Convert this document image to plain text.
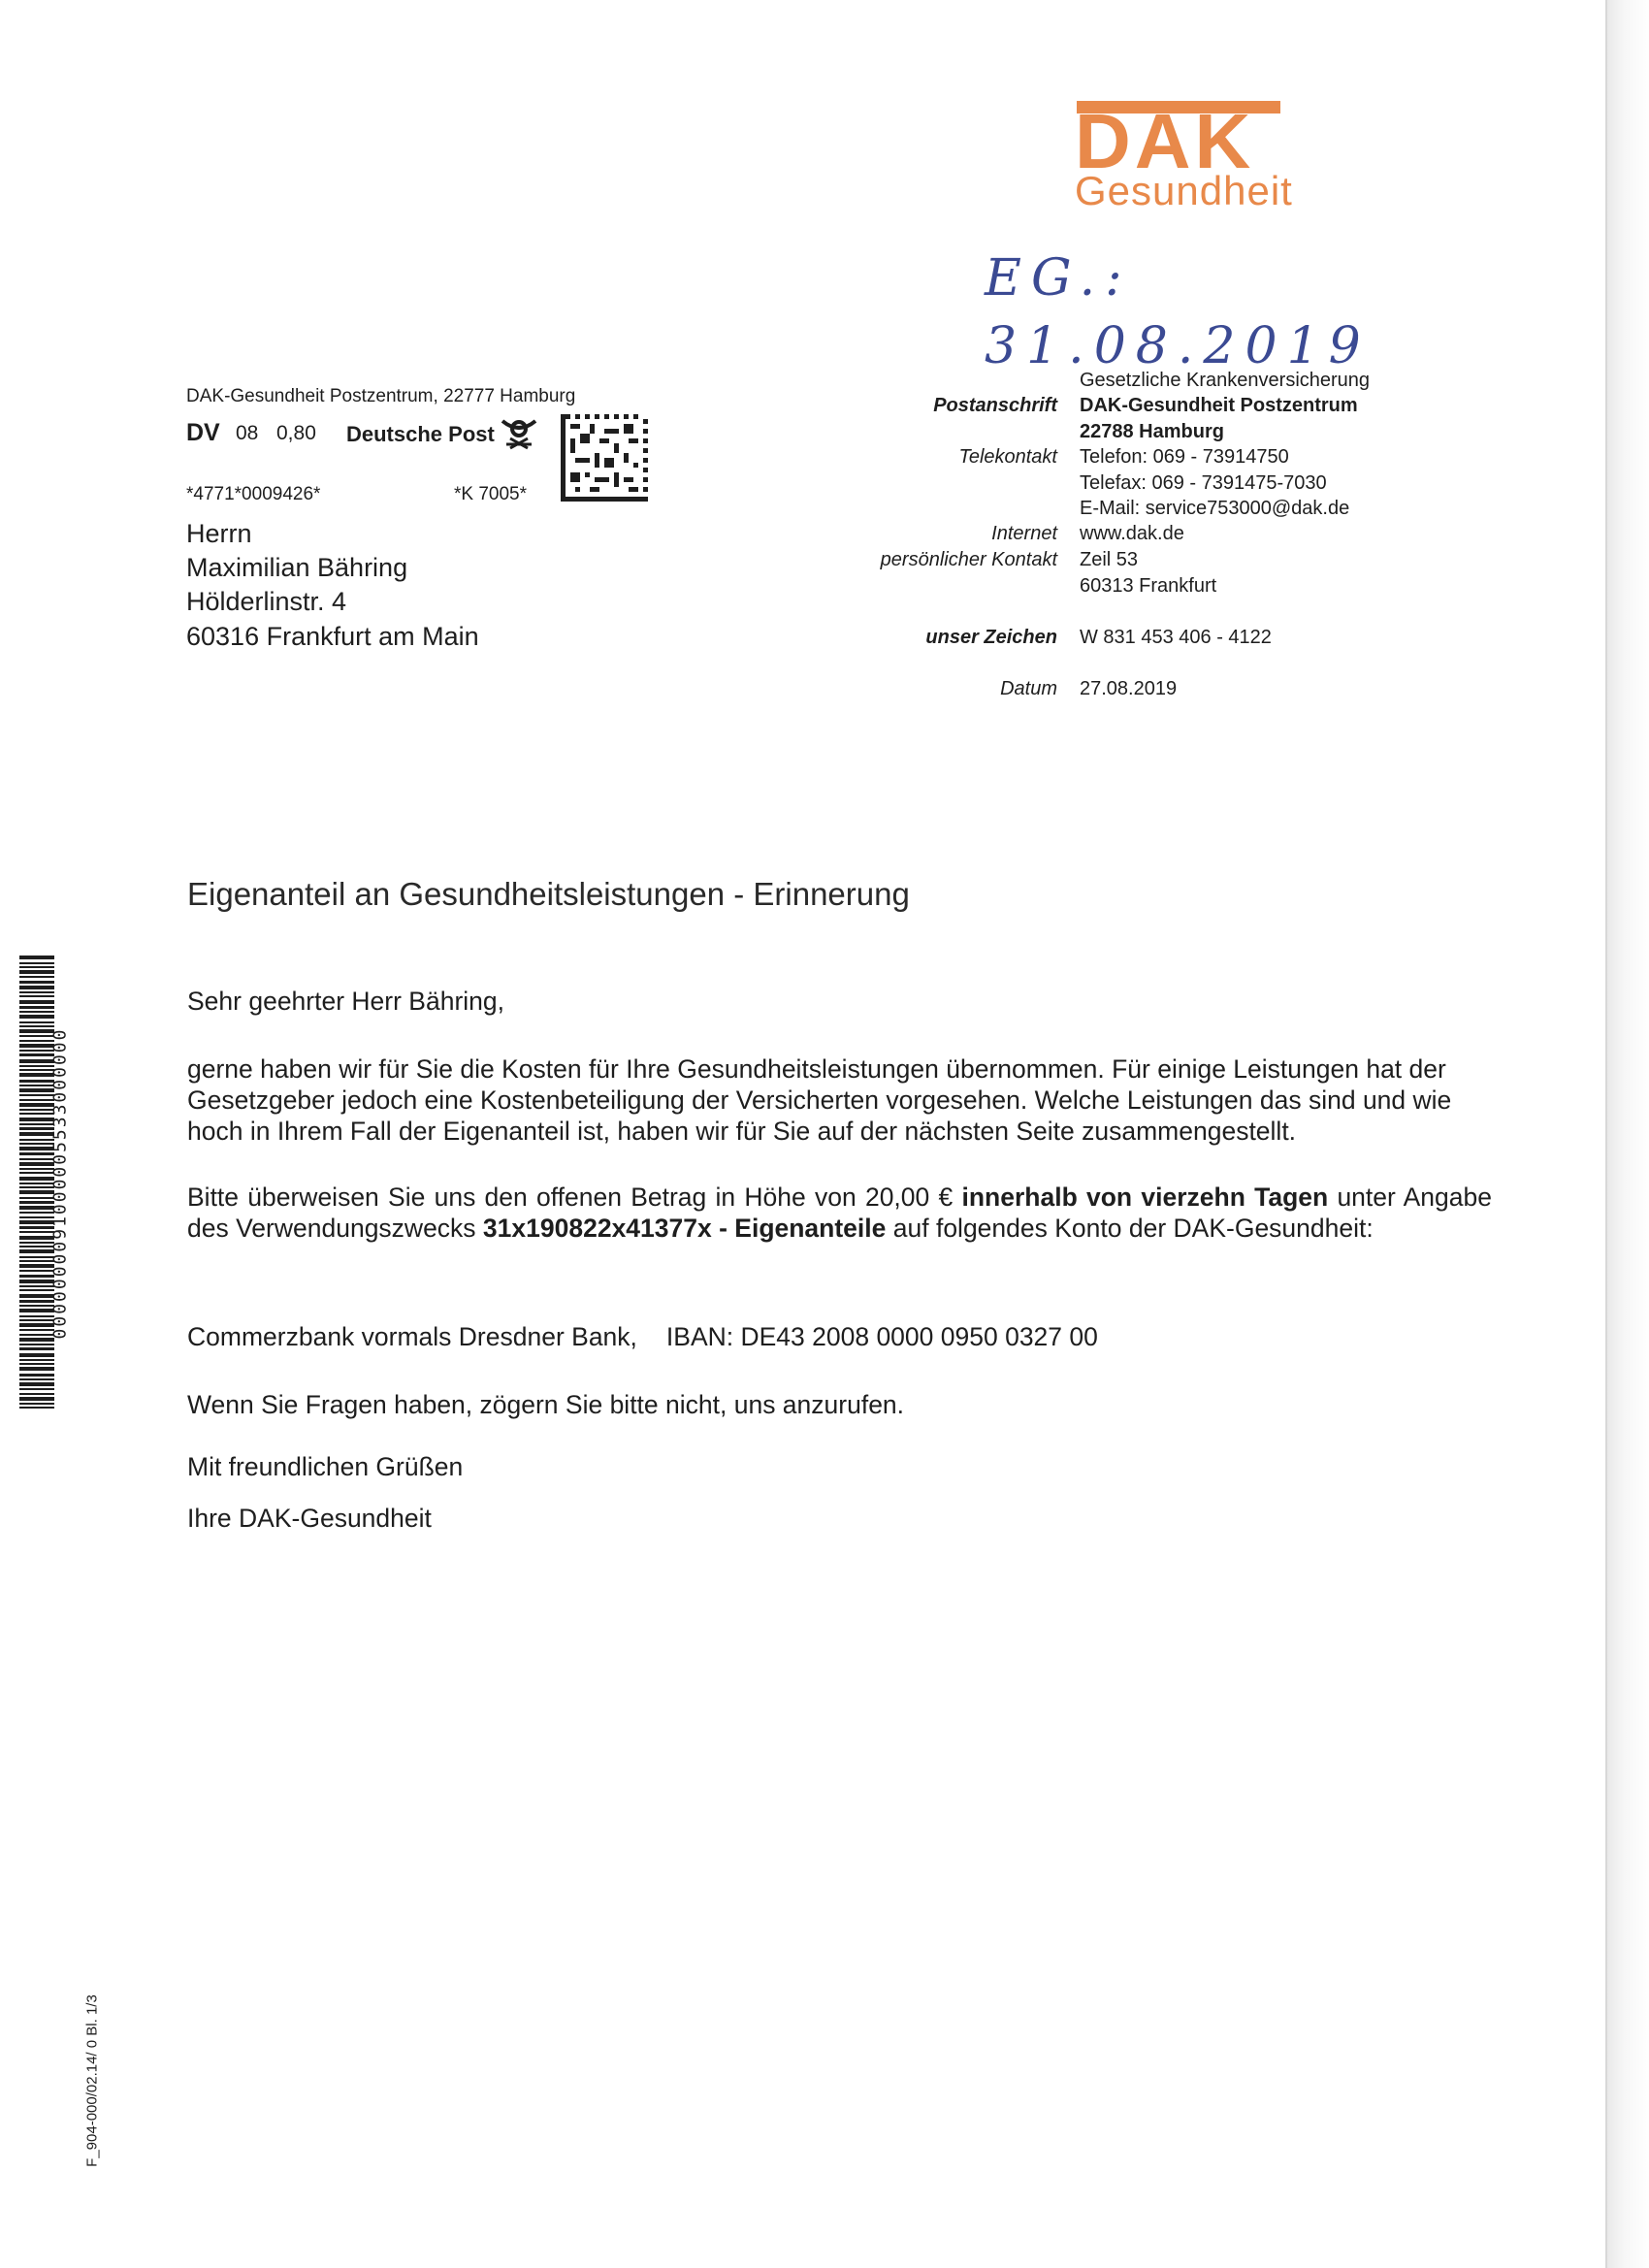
DAK
Gesundheit
EG.: 31.08.2019
DAK-Gesundheit Postzentrum, 22777 Hamburg
DV 08 0,80 Deutsche Post
*4771*0009426*	*K 7005*
Herrn
Maximilian Bähring
Hölderlinstr. 4
60316 Frankfurt am Main
Gesetzliche Krankenversicherung
Postanschrift DAK-Gesundheit Postzentrum
22788 Hamburg
Telekontakt Telefon: 069 - 73914750
Telefax: 069 - 7391475-7030
E-Mail: service753000@dak.de
Internet www.dak.de
persönlicher Kontakt Zeil 53
60313 Frankfurt
unser Zeichen W 831 453 406 - 4122
Datum 27.08.2019
Eigenanteil an Gesundheitsleistungen - Erinnerung
Sehr geehrter Herr Bähring,
gerne haben wir für Sie die Kosten für Ihre Gesundheitsleistungen übernommen. Für einige Leistungen hat der Gesetzgeber jedoch eine Kostenbeteiligung der Versicherten vorgesehen. Welche Leistungen das sind und wie hoch in Ihrem Fall der Eigenanteil ist, haben wir für Sie auf der nächsten Seite zusammengestellt.
Bitte überweisen Sie uns den offenen Betrag in Höhe von 20,00 € innerhalb von vierzehn Tagen unter Angabe des Verwendungszwecks 31x190822x41377x - Eigenanteile auf folgendes Konto der DAK-Gesundheit:
Commerzbank vormals Dresdner Bank, IBAN: DE43 2008 0000 0950 0327 00
Wenn Sie Fragen haben, zögern Sie bitte nicht, uns anzurufen.
Mit freundlichen Grüßen
Ihre DAK-Gesundheit
0000000091000005533000000
F_904-000/02.14/ 0 Bl. 1/3
